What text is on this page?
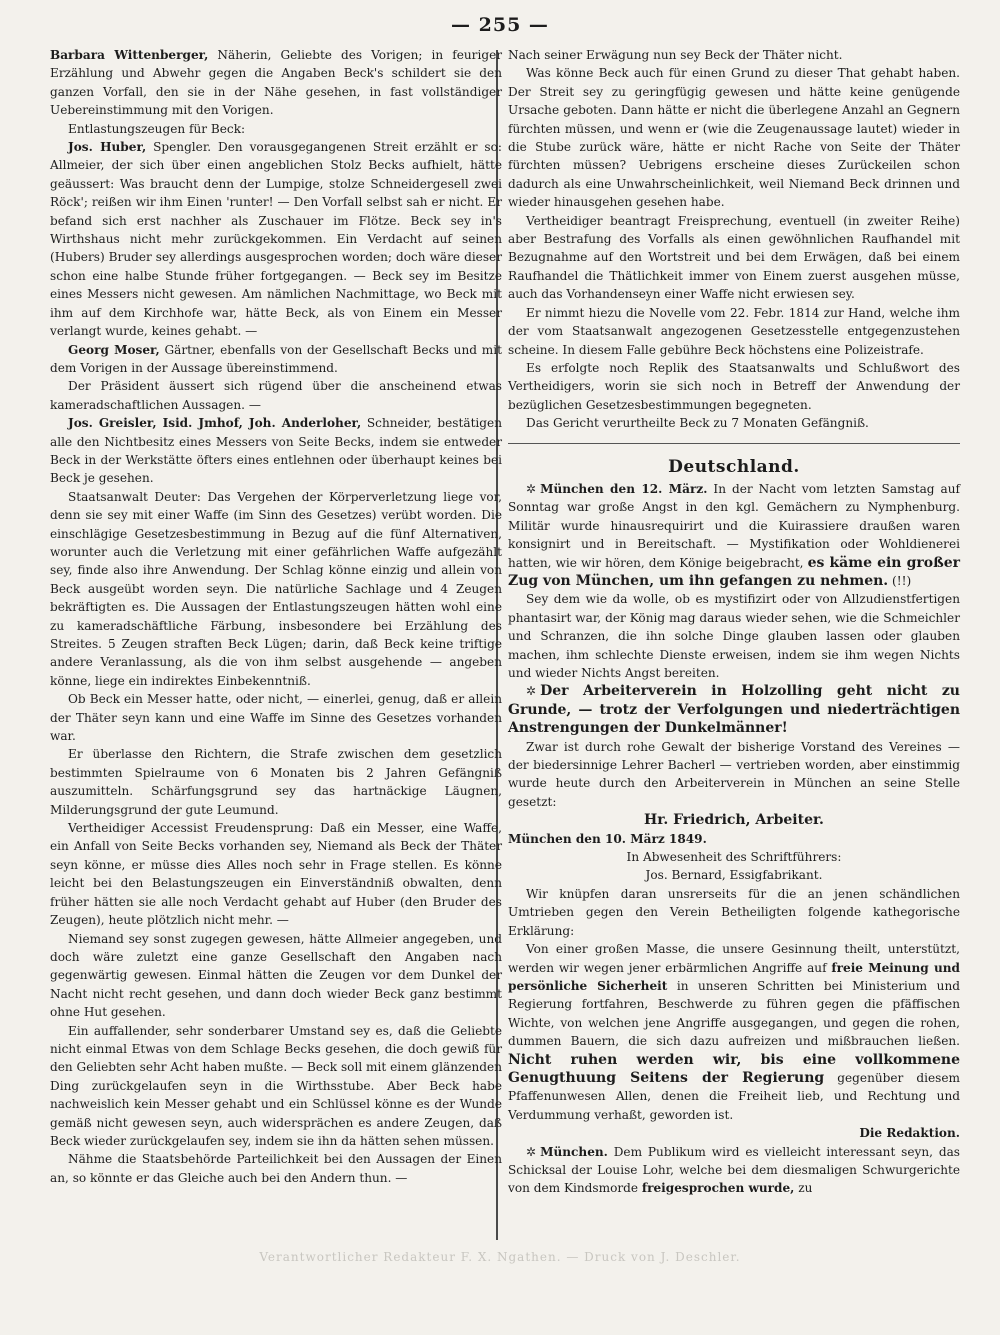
— 255 —

Barbara Wittenberger, Näherin, Geliebte des Vorigen; in feuriger Erzählung und Abwehr gegen die Angaben Beck's schildert sie den ganzen Vorfall, den sie in der Nähe gesehen, in fast vollständiger Uebereinstimmung mit den Vorigen.

Entlastungszeugen für Beck:

Jos. Huber, Spengler. Den vorausgegangenen Streit erzählt er so: Allmeier, der sich über einen angeblichen Stolz Becks aufhielt, hätte geäussert: Was braucht denn der Lumpige, stolze Schneidergesell zwei Röck'; reißen wir ihm Einen 'runter! — Den Vorfall selbst sah er nicht. Er befand sich erst nachher als Zuschauer im Flötze. Beck sey in's Wirthshaus nicht mehr zurückgekommen. Ein Verdacht auf seinen (Hubers) Bruder sey allerdings ausgesprochen worden; doch wäre dieser schon eine halbe Stunde früher fortgegangen. — Beck sey im Besitze eines Messers nicht gewesen. Am nämlichen Nachmittage, wo Beck mit ihm auf dem Kirchhofe war, hätte Beck, als von Einem ein Messer verlangt wurde, keines gehabt. —

Georg Moser, Gärtner, ebenfalls von der Gesellschaft Becks und mit dem Vorigen in der Aussage übereinstimmend.

Der Präsident äussert sich rügend über die anscheinend etwas kameradschaftlichen Aussagen. —

Jos. Greisler, Isid. Jmhof, Joh. Anderloher, Schneider, bestätigen alle den Nichtbesitz eines Messers von Seite Becks, indem sie entweder Beck in der Werkstätte öfters eines entlehnen oder überhaupt keines bei Beck je gesehen.

Staatsanwalt Deuter: Das Vergehen der Körperverletzung liege vor, denn sie sey mit einer Waffe (im Sinn des Gesetzes) verübt worden. Die einschlägige Gesetzesbestimmung in Bezug auf die fünf Alternativen, worunter auch die Verletzung mit einer gefährlichen Waffe aufgezählt sey, finde also ihre Anwendung. Der Schlag könne einzig und allein von Beck ausgeübt worden seyn. Die natürliche Sachlage und 4 Zeugen bekräftigten es. Die Aussagen der Entlastungszeugen hätten wohl eine zu kameradschäftliche Färbung, insbesondere bei Erzählung des Streites. 5 Zeugen straften Beck Lügen; darin, daß Beck keine triftige andere Veranlassung, als die von ihm selbst ausgehende — angeben könne, liege ein indirektes Einbekenntniß.

Ob Beck ein Messer hatte, oder nicht, — einerlei, genug, daß er allein der Thäter seyn kann und eine Waffe im Sinne des Gesetzes vorhanden war.

Er überlasse den Richtern, die Strafe zwischen dem gesetzlich bestimmten Spielraume von 6 Monaten bis 2 Jahren Gefängniß auszumitteln. Schärfungsgrund sey das hartnäckige Läugnen, Milderungsgrund der gute Leumund.

Vertheidiger Accessist Freudensprung: Daß ein Messer, eine Waffe, ein Anfall von Seite Becks vorhanden sey, Niemand als Beck der Thäter seyn könne, er müsse dies Alles noch sehr in Frage stellen. Es könne leicht bei den Belastungszeugen ein Einverständniß obwalten, denn früher hätten sie alle noch Verdacht gehabt auf Huber (den Bruder des Zeugen), heute plötzlich nicht mehr. —

Niemand sey sonst zugegen gewesen, hätte Allmeier angegeben, und doch wäre zuletzt eine ganze Gesellschaft den Angaben nach gegenwärtig gewesen. Einmal hätten die Zeugen vor dem Dunkel der Nacht nicht recht gesehen, und dann doch wieder Beck ganz bestimmt ohne Hut gesehen.

Ein auffallender, sehr sonderbarer Umstand sey es, daß die Geliebte nicht einmal Etwas von dem Schlage Becks gesehen, die doch gewiß für den Geliebten sehr Acht haben mußte. — Beck soll mit einem glänzenden Ding zurückgelaufen seyn in die Wirthsstube. Aber Beck habe nachweislich kein Messer gehabt und ein Schlüssel könne es der Wunde gemäß nicht gewesen seyn, auch widersprächen es andere Zeugen, daß Beck wieder zurückgelaufen sey, indem sie ihn da hätten sehen müssen.

Nähme die Staatsbehörde Parteilichkeit bei den Aussagen der Einen an, so könnte er das Gleiche auch bei den Andern thun. —

Nach seiner Erwägung nun sey Beck der Thäter nicht.

Was könne Beck auch für einen Grund zu dieser That gehabt haben. Der Streit sey zu geringfügig gewesen und hätte keine genügende Ursache geboten. Dann hätte er nicht die überlegene Anzahl an Gegnern fürchten müssen, und wenn er (wie die Zeugenaussage lautet) wieder in die Stube zurück wäre, hätte er nicht Rache von Seite der Thäter fürchten müssen? Uebrigens erscheine dieses Zurückeilen schon dadurch als eine Unwahrscheinlichkeit, weil Niemand Beck drinnen und wieder hinausgehen gesehen habe.

Vertheidiger beantragt Freisprechung, eventuell (in zweiter Reihe) aber Bestrafung des Vorfalls als einen gewöhnlichen Raufhandel mit Bezugnahme auf den Wortstreit und bei dem Erwägen, daß bei einem Raufhandel die Thätlichkeit immer von Einem zuerst ausgehen müsse, auch das Vorhandenseyn einer Waffe nicht erwiesen sey.

Er nimmt hiezu die Novelle vom 22. Febr. 1814 zur Hand, welche ihm der vom Staatsanwalt angezogenen Gesetzesstelle entgegenzustehen scheine. In diesem Falle gebühre Beck höchstens eine Polizeistrafe.

Es erfolgte noch Replik des Staatsanwalts und Schlußwort des Vertheidigers, worin sie sich noch in Betreff der Anwendung der bezüglichen Gesetzesbestimmungen begegneten.

Das Gericht verurtheilte Beck zu 7 Monaten Gefängniß.

Deutschland.

✲ München den 12. März. In der Nacht vom letzten Samstag auf Sonntag war große Angst in den kgl. Gemächern zu Nymphenburg. Militär wurde hinausrequirirt und die Kuirassiere draußen waren konsignirt und in Bereitschaft. — Mystifikation oder Wohldienerei hatten, wie wir hören, dem Könige beigebracht, es käme ein großer Zug von München, um ihn gefangen zu nehmen. (!!)

Sey dem wie da wolle, ob es mystifizirt oder von Allzudienstfertigen phantasirt war, der König mag daraus wieder sehen, wie die Schmeichler und Schranzen, die ihn solche Dinge glauben lassen oder glauben machen, ihm schlechte Dienste erweisen, indem sie ihm wegen Nichts und wieder Nichts Angst bereiten.

✲ Der Arbeiterverein in Holzolling geht nicht zu Grunde, — trotz der Verfolgungen und niederträchtigen Anstrengungen der Dunkelmänner!

Zwar ist durch rohe Gewalt der bisherige Vorstand des Vereines — der biedersinnige Lehrer Bacherl — vertrieben worden, aber einstimmig wurde heute durch den Arbeiterverein in München an seine Stelle gesetzt:

Hr. Friedrich, Arbeiter.

München den 10. März 1849.

In Abwesenheit des Schriftführers:

Jos. Bernard, Essigfabrikant.

Wir knüpfen daran unsrerseits für die an jenen schändlichen Umtrieben gegen den Verein Betheiligten folgende kathegorische Erklärung:

Von einer großen Masse, die unsere Gesinnung theilt, unterstützt, werden wir wegen jener erbärmlichen Angriffe auf freie Meinung und persönliche Sicherheit in unseren Schritten bei Ministerium und Regierung fortfahren, Beschwerde zu führen gegen die pfäffischen Wichte, von welchen jene Angriffe ausgegangen, und gegen die rohen, dummen Bauern, die sich dazu aufreizen und mißbrauchen ließen. Nicht ruhen werden wir, bis eine vollkommene Genugthuung Seitens der Regierung gegenüber diesem Pfaffenunwesen Allen, denen die Freiheit lieb, und Rechtung und Verdummung verhaßt, geworden ist.

Die Redaktion.

✲ München. Dem Publikum wird es vielleicht interessant seyn, das Schicksal der Louise Lohr, welche bei dem diesmaligen Schwurgerichte von dem Kindsmorde freigesprochen wurde, zu

Verantwortlicher Redakteur F. X. Ngathen. — Druck von J. Deschler.
